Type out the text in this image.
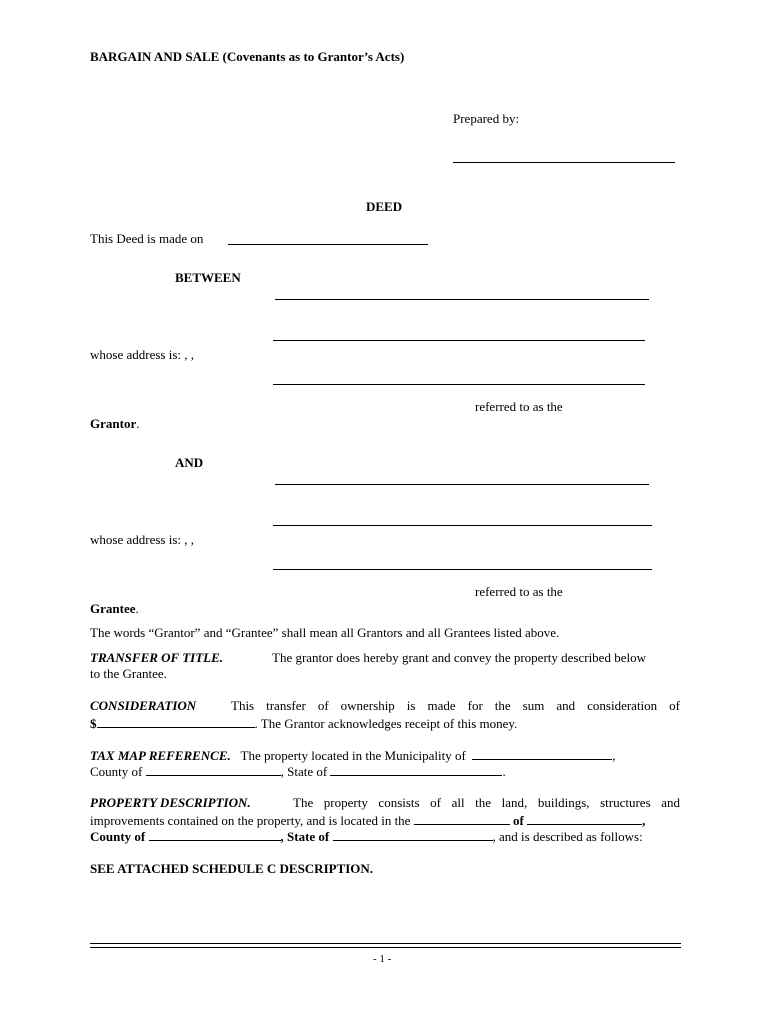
BARGAIN AND SALE (Covenants as to Grantor’s Acts)
Prepared by:
DEED
This Deed is made on
BETWEEN
whose address is: , ,
referred to as the
Grantor.
AND
whose address is: , ,
referred to as the
Grantee.
The words “Grantor” and “Grantee” shall mean all Grantors and all Grantees listed above.
TRANSFER OF TITLE.	The grantor does hereby grant and convey the property described below
to the Grantee.
CONSIDERATION	This transfer of ownership is made for the sum and consideration of
$	. The Grantor acknowledges receipt of this money.
TAX MAP REFERENCE. The property located in the Municipality of	,
County of	, State of	.
PROPERTY DESCRIPTION.	The property consists of all the land, buildings, structures and
improvements contained on the property, and is located in the	of	,
County of	, State of	, and is described as follows:
SEE ATTACHED SCHEDULE C DESCRIPTION.
- 1 -
